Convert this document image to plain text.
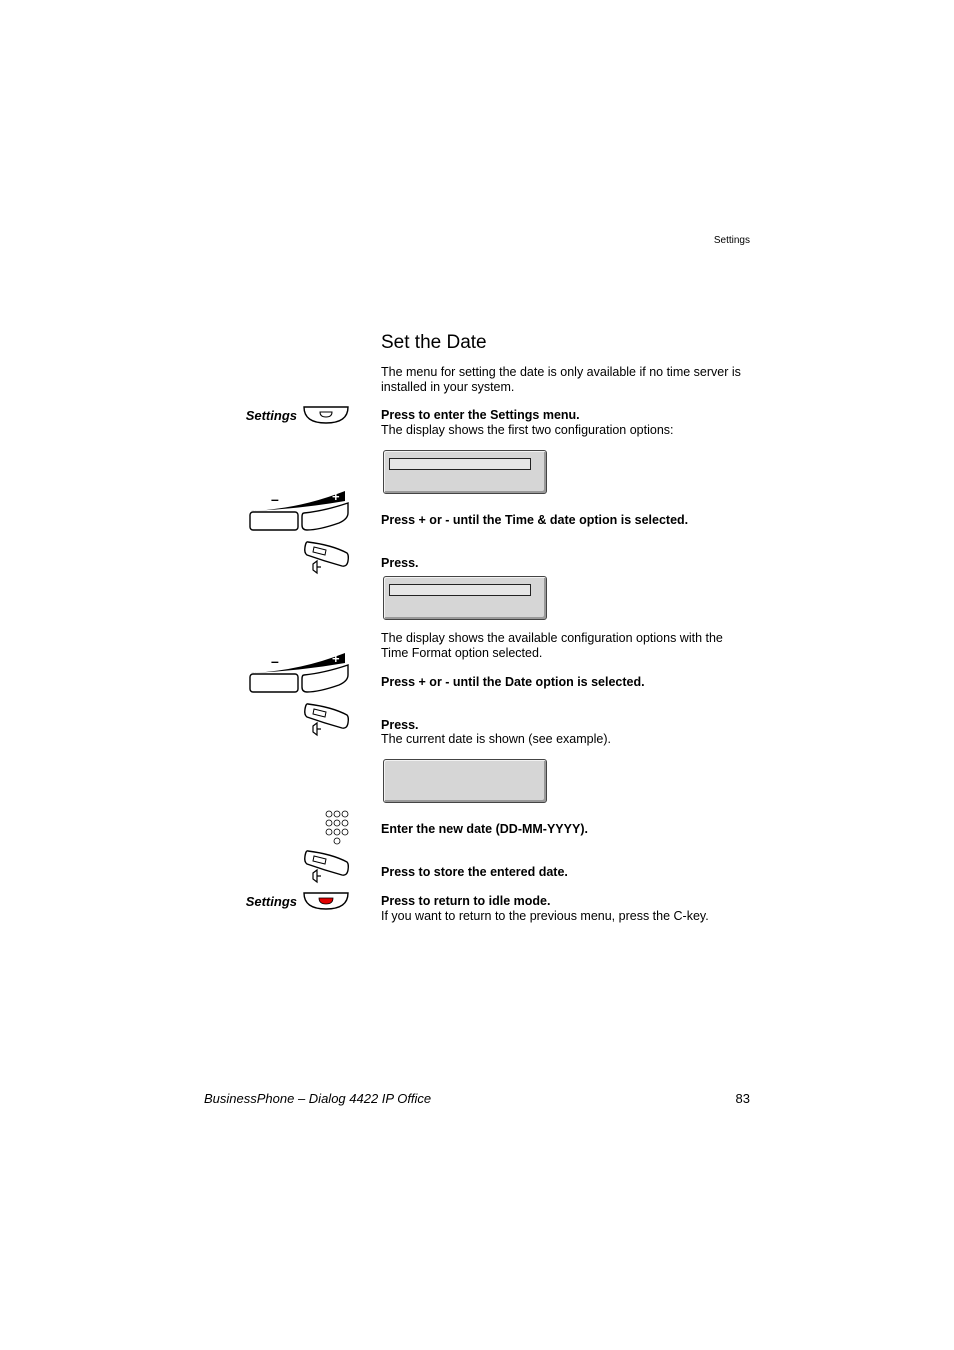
Settings
Set the Date
The menu for setting the date is only available if no time server is installed in your system.
Settings	Press to enter the Settings menu.
The display shows the first two configuration options:
–	+
Press + or - until the Time & date option is selected.
Press.
The display shows the available configuration options with the Time Format option selected.
–	+
Press + or - until the Date option is selected.
Press.
The current date is shown (see example).
Enter the new date (DD-MM-YYYY).
Press to store the entered date.
Settings	Press to return to idle mode.
If you want to return to the previous menu, press the C-key.
BusinessPhone – Dialog 4422 IP Office	83
